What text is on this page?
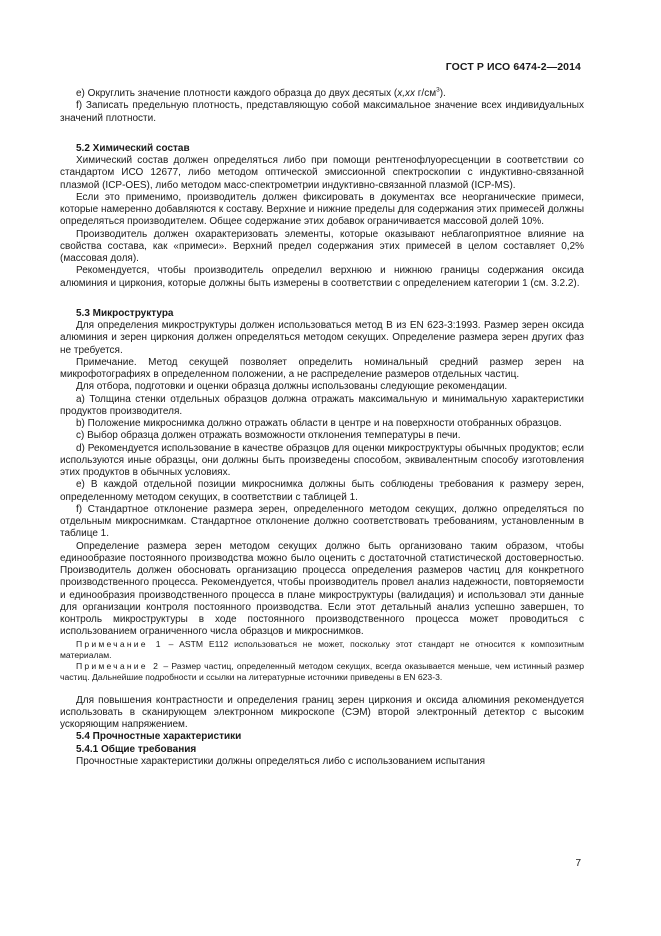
ГОСТ Р ИСО 6474-2—2014

е) Округлить значение плотности каждого образца до двух десятых (x,xx $г/см^3$).

f) Записать предельную плотность, представляющую собой максимальное значение всех индивидуальных значений плотности.

5.2 Химический состав

Химический состав должен определяться либо при помощи рентгенофлуоресценции в соответствии со стандартом ИСО 12677, либо методом оптической эмиссионной спектроскопии с индуктивно-связанной плазмой (ICP-OES), либо методом масс-спектрометрии индуктивно-связанной плазмой (ICP-MS).

Если это применимо, производитель должен фиксировать в документах все неорганические примеси, которые намеренно добавляются к составу. Верхние и нижние пределы для содержания этих примесей должны определяться производителем. Общее содержание этих добавок ограничивается массовой долей 10%.

Производитель должен охарактеризовать элементы, которые оказывают неблагоприятное влияние на свойства состава, как «примеси». Верхний предел содержания этих примесей в целом составляет 0,2% (массовая доля).

Рекомендуется, чтобы производитель определил верхнюю и нижнюю границы содержания оксида алюминия и циркония, которые должны быть измерены в соответствии с определением категории 1 (см. 3.2.2).

5.3 Микроструктура

Для определения микроструктуры должен использоваться метод B из EN 623-3:1993. Размер зерен оксида алюминия и зерен циркония должен определяться методом секущих. Определение размера зерен других фаз не требуется.

Примечание. Метод секущей позволяет определить номинальный средний размер зерен на микрофотографиях в определенном положении, а не распределение размеров отдельных частиц.

Для отбора, подготовки и оценки образца должны использованы следующие рекомендации.

а) Толщина стенки отдельных образцов должна отражать максимальную и минимальную характеристики продуктов производителя.

b) Положение микроснимка должно отражать области в центре и на поверхности отобранных образцов.

c) Выбор образца должен отражать возможности отклонения температуры в печи.

d) Рекомендуется использование в качестве образцов для оценки микроструктуры обычных продуктов; если используются иные образцы, они должны быть произведены способом, эквивалентным способу изготовления этих продуктов в обычных условиях.

е) В каждой отдельной позиции микроснимка должны быть соблюдены требования к размеру зерен, определенному методом секущих, в соответствии с таблицей 1.

f) Стандартное отклонение размера зерен, определенного методом секущих, должно определяться по отдельным микроснимкам. Стандартное отклонение должно соответствовать требованиям, установленным в таблице 1.

Определение размера зерен методом секущих должно быть организовано таким образом, чтобы единообразие постоянного производства можно было оценить с достаточной статистической достоверностью. Производитель должен обосновать организацию процесса определения размеров частиц для конкретного производственного процесса. Рекомендуется, чтобы производитель провел анализ надежности, повторяемости и единообразия производственного процесса в плане микроструктуры (валидация) и использовал эти данные для организации контроля постоянного производства. Если этот детальный анализ успешно завершен, то контроль микроструктуры в ходе постоянного производственного процесса может проводиться с использованием ограниченного числа образцов и микроснимков.

Примечание 1 – ASTM E112 использоваться не может, поскольку этот стандарт не относится к композитным материалам.

Примечание 2 – Размер частиц, определенный методом секущих, всегда оказывается меньше, чем истинный размер частиц. Дальнейшие подробности и ссылки на литературные источники приведены в EN 623-3.

Для повышения контрастности и определения границ зерен циркония и оксида алюминия рекомендуется использовать в сканирующем электронном микроскопе (СЭМ) второй электронный детектор с высоким ускоряющим напряжением.

5.4 Прочностные характеристики

5.4.1 Общие требования

Прочностные характеристики должны определяться либо с использованием испытания

7
